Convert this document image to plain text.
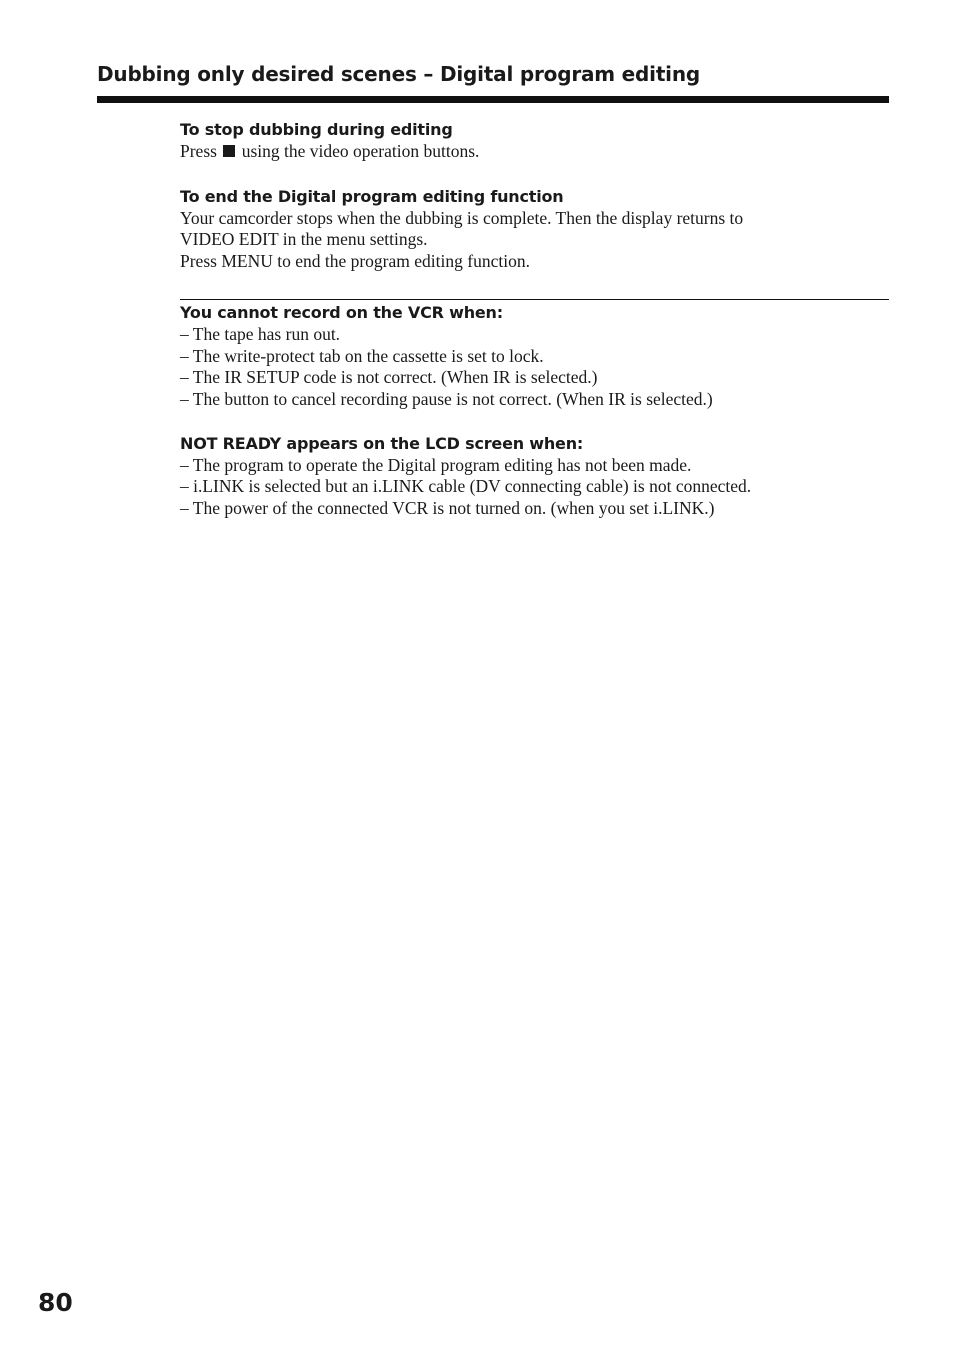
Dubbing only desired scenes – Digital program editing
To stop dubbing during editing

Press using the video operation buttons.

To end the Digital program editing function

Your camcorder stops when the dubbing is complete. Then the display returns to

VIDEO EDIT in the menu settings.

Press MENU to end the program editing function.

You cannot record on the VCR when:
– The tape has run out.
– The write-protect tab on the cassette is set to lock.
– The IR SETUP code is not correct. (When IR is selected.)
– The button to cancel recording pause is not correct. (When IR is selected.)
NOT READY appears on the LCD screen when:
– The program to operate the Digital program editing has not been made.
– i.LINK is selected but an i.LINK cable (DV connecting cable) is not connected.
– The power of the connected VCR is not turned on. (when you set i.LINK.)
80
